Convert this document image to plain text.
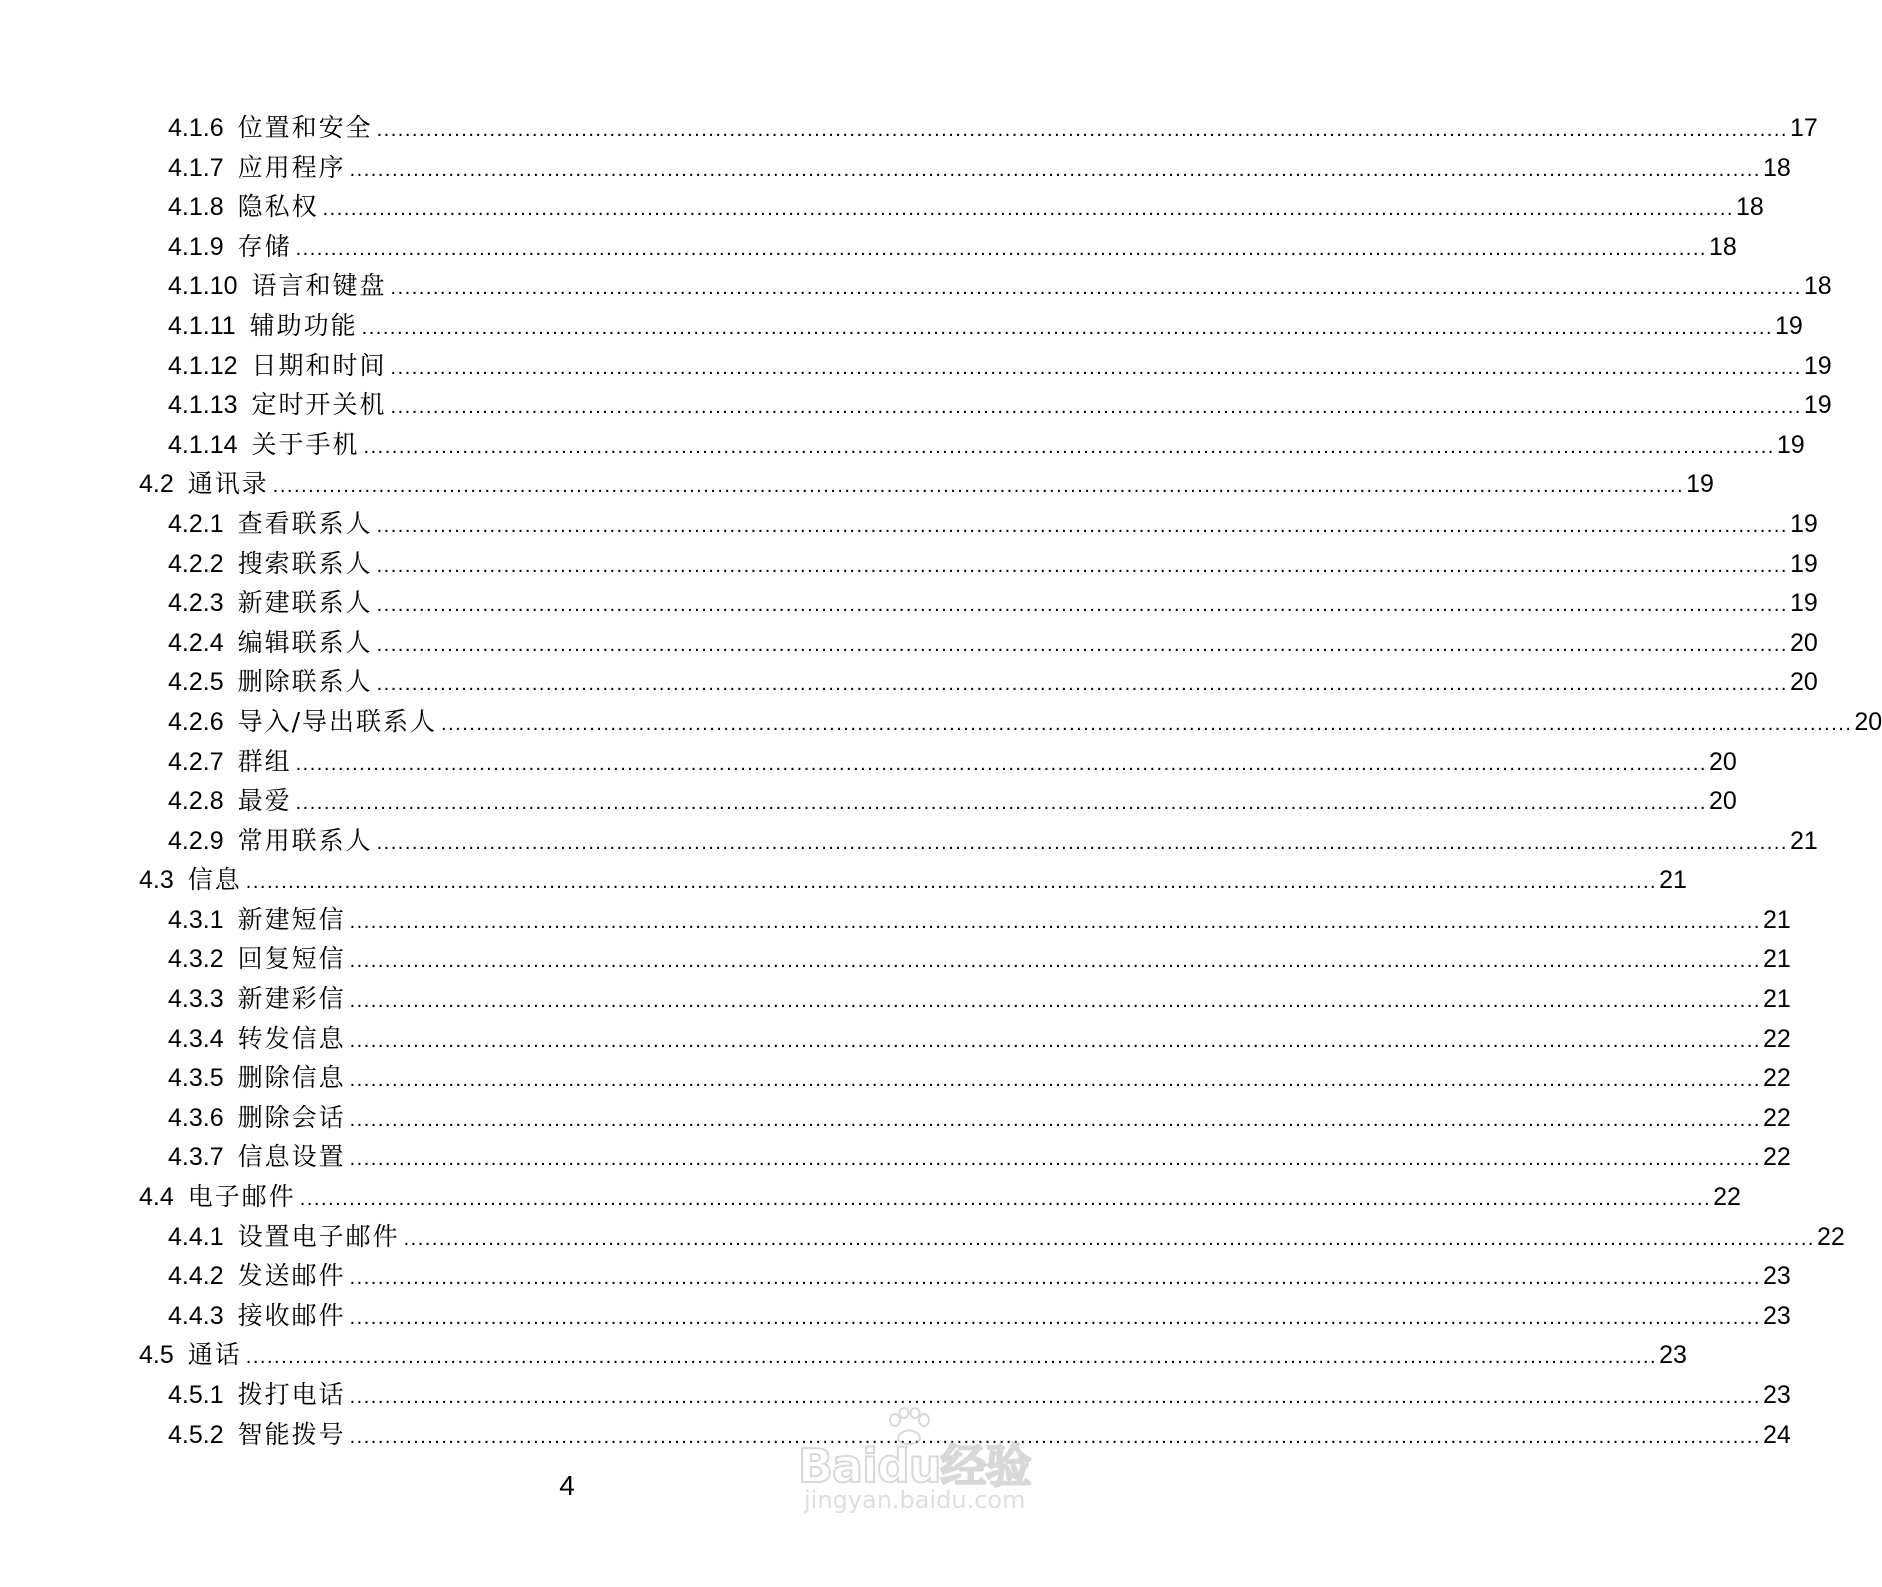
4.1.6 位置和安全 ........................................................................................................................................................................................................ 17
4.1.7 应用程序 ........................................................................................................................................................................................................ 18
4.1.8 隐私权 ........................................................................................................................................................................................................ 18
4.1.9 存储 ........................................................................................................................................................................................................ 18
4.1.10 语言和键盘 ........................................................................................................................................................................................................ 18
4.1.11 辅助功能 ........................................................................................................................................................................................................ 19
4.1.12 日期和时间 ........................................................................................................................................................................................................ 19
4.1.13 定时开关机 ........................................................................................................................................................................................................ 19
4.1.14 关于手机 ........................................................................................................................................................................................................ 19
4.2 通讯录 ........................................................................................................................................................................................................ 19
4.2.1 查看联系人 ........................................................................................................................................................................................................ 19
4.2.2 搜索联系人 ........................................................................................................................................................................................................ 19
4.2.3 新建联系人 ........................................................................................................................................................................................................ 19
4.2.4 编辑联系人 ........................................................................................................................................................................................................ 20
4.2.5 删除联系人 ........................................................................................................................................................................................................ 20
4.2.6 导入/导出联系人 ........................................................................................................................................................................................................ 20
4.2.7 群组 ........................................................................................................................................................................................................ 20
4.2.8 最爱 ........................................................................................................................................................................................................ 20
4.2.9 常用联系人 ........................................................................................................................................................................................................ 21
4.3 信息 ........................................................................................................................................................................................................ 21
4.3.1 新建短信 ........................................................................................................................................................................................................ 21
4.3.2 回复短信 ........................................................................................................................................................................................................ 21
4.3.3 新建彩信 ........................................................................................................................................................................................................ 21
4.3.4 转发信息 ........................................................................................................................................................................................................ 22
4.3.5 删除信息 ........................................................................................................................................................................................................ 22
4.3.6 删除会话 ........................................................................................................................................................................................................ 22
4.3.7 信息设置 ........................................................................................................................................................................................................ 22
4.4 电子邮件 ........................................................................................................................................................................................................ 22
4.4.1 设置电子邮件 ........................................................................................................................................................................................................ 22
4.4.2 发送邮件 ........................................................................................................................................................................................................ 23
4.4.3 接收邮件 ........................................................................................................................................................................................................ 23
4.5 通话 ........................................................................................................................................................................................................ 23
4.5.1 拨打电话 ........................................................................................................................................................................................................ 23
4.5.2 智能拨号 ........................................................................................................................................................................................................ 24
4	Baidu经验
jingyan.baidu.com
